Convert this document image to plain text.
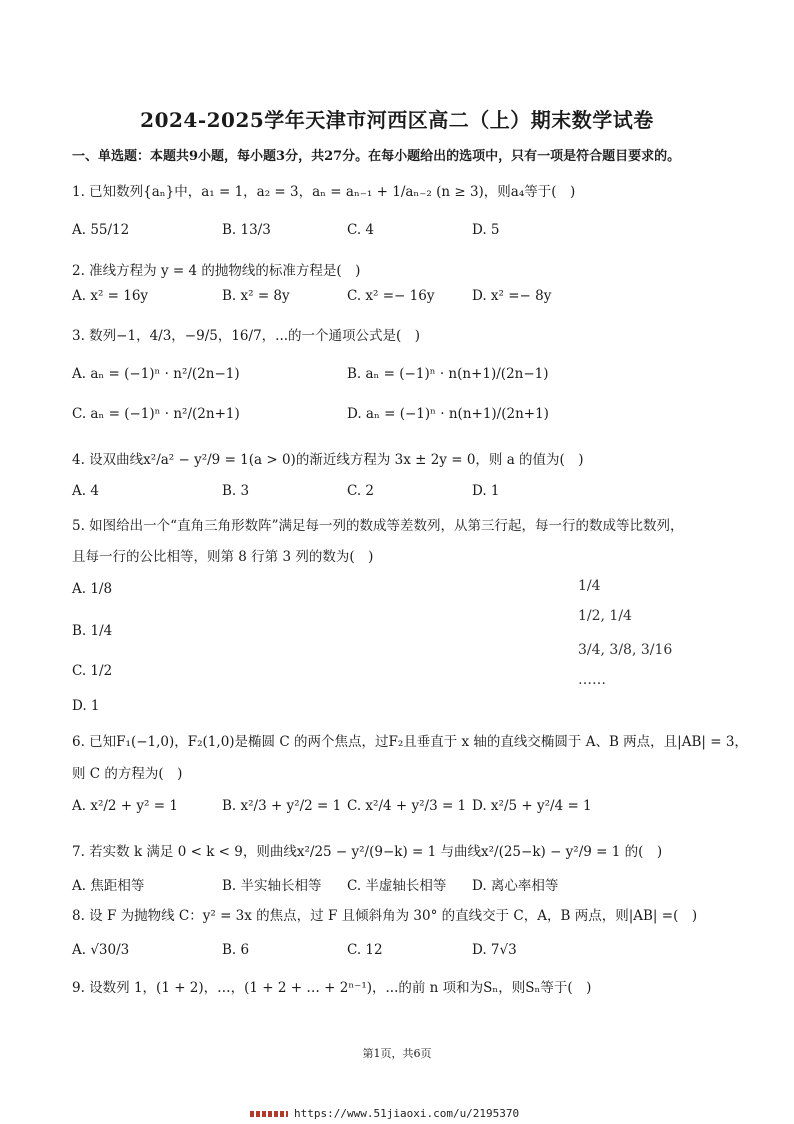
2024-2025学年天津市河西区高二（上）期末数学试卷
一、单选题：本题共9小题，每小题3分，共27分。在每小题给出的选项中，只有一项是符合题目要求的。
1. 已知数列{aₙ}中，a₁ = 1，a₂ = 3，aₙ = aₙ₋₁ + 1/aₙ₋₂ (n ≥ 3)，则a₄等于(　)
A. 55/12	B. 13/3	C. 4	D. 5
2. 准线方程为 y = 4 的抛物线的标准方程是(　)
A. x² = 16y	B. x² = 8y	C. x² =− 16y	D. x² =− 8y
3. 数列−1，4/3，−9/5，16/7，...的一个通项公式是(　)
A. aₙ = (−1)ⁿ · n²/(2n−1)	B. aₙ = (−1)ⁿ · n(n+1)/(2n−1)
C. aₙ = (−1)ⁿ · n²/(2n+1)	D. aₙ = (−1)ⁿ · n(n+1)/(2n+1)
4. 设双曲线x²/a² − y²/9 = 1(a > 0)的渐近线方程为 3x ± 2y = 0，则 a 的值为(　)
A. 4	B. 3	C. 2	D. 1
5. 如图给出一个“直角三角形数阵”满足每一列的数成等差数列，从第三行起，每一行的数成等比数列，
且每一行的公比相等，则第 8 行第 3 列的数为(　)
A. 1/8
B. 1/4
C. 1/2
D. 1
1/4
1/2, 1/4
3/4, 3/8, 3/16
……
6. 已知F₁(−1,0)，F₂(1,0)是椭圆 C 的两个焦点，过F₂且垂直于 x 轴的直线交椭圆于 A、B 两点，且|AB| = 3，
则 C 的方程为(　)
A. x²/2 + y² = 1	B. x²/3 + y²/2 = 1 C. x²/4 + y²/3 = 1 D. x²/5 + y²/4 = 1
7. 若实数 k 满足 0 < k < 9，则曲线x²/25 − y²/(9−k) = 1 与曲线x²/(25−k) − y²/9 = 1 的(　)
A. 焦距相等	B. 半实轴长相等 C. 半虚轴长相等 D. 离心率相等
8. 设 F 为抛物线 C：y² = 3x 的焦点，过 F 且倾斜角为 30° 的直线交于 C，A，B 两点，则|AB| =(　)
A. √30/3	B. 6	C. 12	D. 7√3
9. 设数列 1，(1 + 2)，…，(1 + 2 + … + 2ⁿ⁻¹)，...的前 n 项和为Sₙ，则Sₙ等于(　)
第1页，共6页
https://www.51jiaoxi.com/u/2195370
